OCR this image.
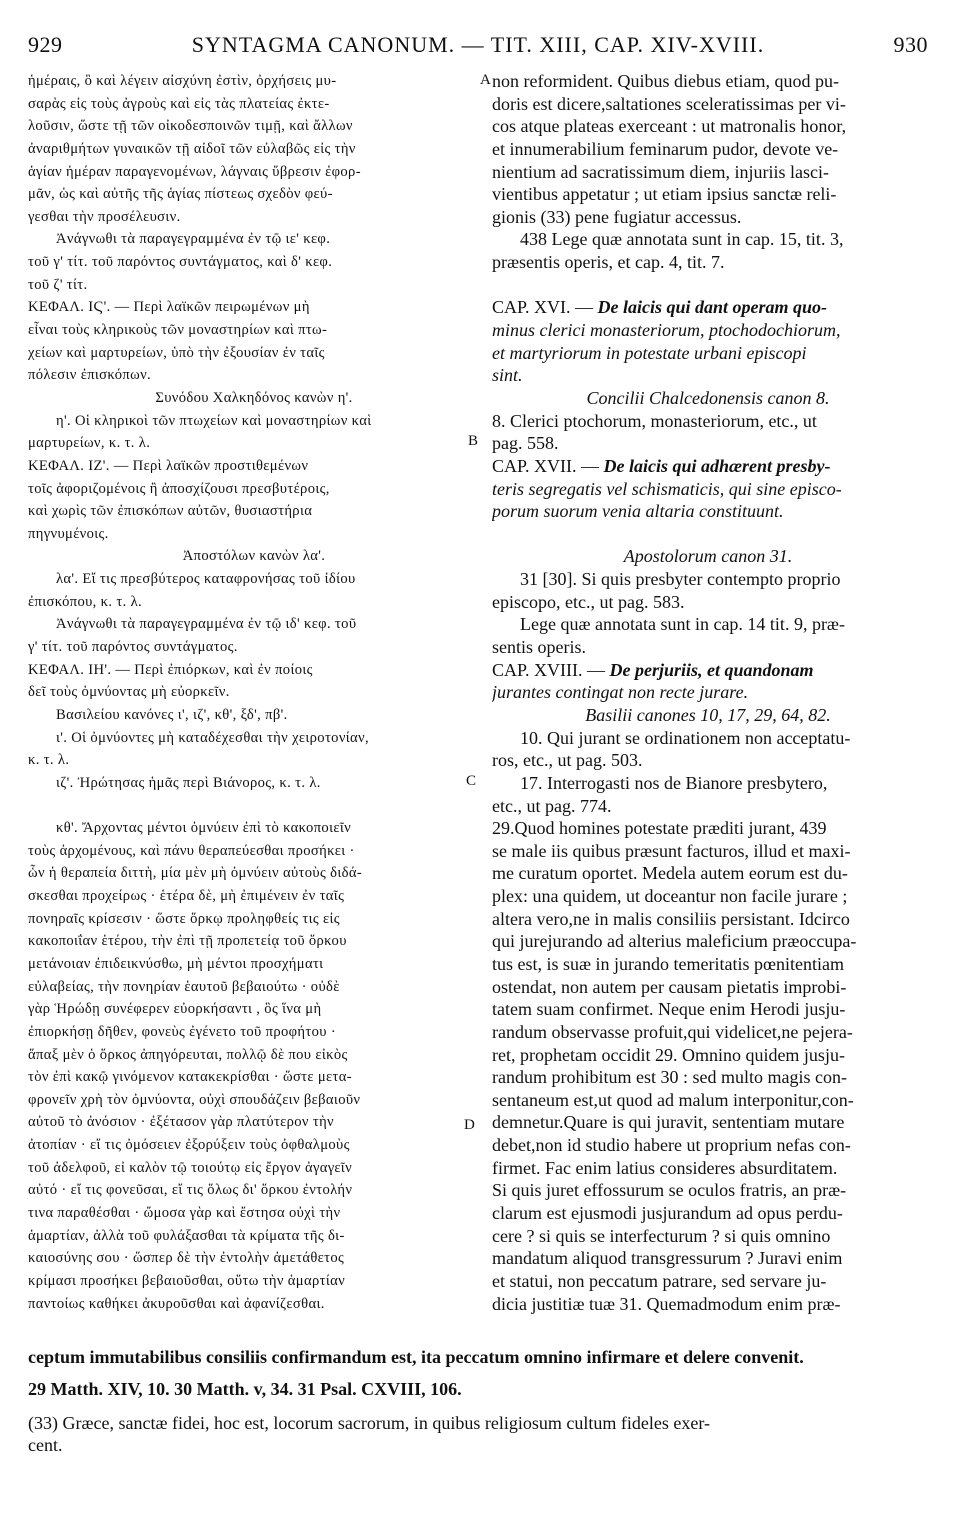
929	SYNTAGMA CANONUM. — TIT. XIII, CAP. XIV-XVIII.	930
ἡμέραις, ὃ καὶ λέγειν αἰσχύνη ἐστὶν, ὀρχήσεις μυ-
σαρὰς εἰς τοὺς ἀγροὺς καὶ εἰς τὰς πλατείας ἐκτε-
λοῦσιν, ὥστε τῇ τῶν οἰκοδεσποινῶν τιμῇ, καὶ ἄλλων
ἀναριθμήτων γυναικῶν τῇ αἰδοῖ τῶν εὐλαβῶς εἰς τὴν
ἁγίαν ἡμέραν παραγενομένων, λάγναις ὕβρεσιν ἐφορ-
μᾶν, ὡς καὶ αὐτῆς τῆς ἁγίας πίστεως σχεδὸν φεύ-
γεσθαι τὴν προσέλευσιν.
Ἀνάγνωθι τὰ παραγεγραμμένα ἐν τῷ ιε' κεφ.
τοῦ γ' τίτ. τοῦ παρόντος συντάγματος, καὶ δ' κεφ.
τοῦ ζ' τίτ.
ΚΕΦΑΛ. ΙϚ'. — Περὶ λαϊκῶν πειρωμένων μὴ
εἶναι τοὺς κληρικοὺς τῶν μοναστηρίων καὶ πτω-
χείων καὶ μαρτυρείων, ὑπὸ τὴν ἐξουσίαν ἐν ταῖς
πόλεσιν ἐπισκόπων.
Συνόδου Χαλκηδόνος κανὼν η'.
η'. Οἱ κληρικοὶ τῶν πτωχείων καὶ μοναστηρίων καὶ
μαρτυρείων, κ. τ. λ.
ΚΕΦΑΛ. ΙΖ'. — Περὶ λαϊκῶν προστιθεμένων
τοῖς ἀφοριζομένοις ἢ ἀποσχίζουσι πρεσβυτέροις,
καὶ χωρὶς τῶν ἐπισκόπων αὐτῶν, θυσιαστήρια
πηγνυμένοις.
Ἀποστόλων κανὼν λα'.
λα'. Εἴ τις πρεσβύτερος καταφρονήσας τοῦ ἰδίου
ἐπισκόπου, κ. τ. λ.
Ἀνάγνωθι τὰ παραγεγραμμένα ἐν τῷ ιδ' κεφ. τοῦ
γ' τίτ. τοῦ παρόντος συντάγματος.
ΚΕΦΑΛ. ΙΗ'. — Περὶ ἐπιόρκων, καὶ ἐν ποίοις
δεῖ τοὺς ὀμνύοντας μὴ εὐορκεῖν.
Βασιλείου κανόνες ι', ιζ', κθ', ξδ', πβ'.
ι'. Οἱ ὀμνύοντες μὴ καταδέχεσθαι τὴν χειροτονίαν,
κ. τ. λ.
ιζ'. Ἠρώτησας ἡμᾶς περὶ Βιάνορος, κ. τ. λ.
κθ'. Ἄρχοντας μέντοι ὀμνύειν ἐπὶ τὸ κακοποιεῖν
τοὺς ἀρχομένους, καὶ πάνυ θεραπεύεσθαι προσήκει ·
ὧν ἡ θεραπεία διττὴ, μία μὲν μὴ ὀμνύειν αὐτοὺς διδά-
σκεσθαι προχείρως · ἑτέρα δὲ, μὴ ἐπιμένειν ἐν ταῖς
πονηραῖς κρίσεσιν · ὥστε ὅρκῳ προληφθείς τις εἰς
κακοποιΐαν ἑτέρου, τὴν ἐπὶ τῇ προπετείᾳ τοῦ ὅρκου
μετάνοιαν ἐπιδεικνύσθω, μὴ μέντοι προσχήματι
εὐλαβείας, τὴν πονηρίαν ἑαυτοῦ βεβαιούτω · οὐδὲ
γὰρ Ἡρώδῃ συνέφερεν εὐορκήσαντι , ὃς ἵνα μὴ
ἐπιορκήσῃ δῆθεν, φονεὺς ἐγένετο τοῦ προφήτου ·
ἅπαξ μὲν ὁ ὅρκος ἀπηγόρευται, πολλῷ δὲ που εἰκὸς
τὸν ἐπὶ κακῷ γινόμενον κατακεκρίσθαι · ὥστε μετα-
φρονεῖν χρὴ τὸν ὀμνύοντα, οὐχὶ σπουδάζειν βεβαιοῦν
αὐτοῦ τὸ ἀνόσιον · ἐξέτασον γὰρ πλατύτερον τὴν
ἀτοπίαν · εἴ τις ὀμόσειεν ἐξορύξειν τοὺς ὀφθαλμοὺς
τοῦ ἀδελφοῦ, εἰ καλὸν τῷ τοιούτῳ εἰς ἔργον ἀγαγεῖν
αὐτό · εἴ τις φονεῦσαι, εἴ τις ὅλως δι' ὅρκου ἐντολήν
τινα παραθέσθαι · ὤμοσα γὰρ καὶ ἔστησα οὐχὶ τὴν
ἁμαρτίαν, ἀλλὰ τοῦ φυλάξασθαι τὰ κρίματα τῆς δι-
καιοσύνης σου · ὥσπερ δὲ τὴν ἐντολὴν ἀμετάθετος
κρίμασι προσήκει βεβαιοῦσθαι, οὕτω τὴν ἁμαρτίαν
παντοίως καθήκει ἀκυροῦσθαι καὶ ἀφανίζεσθαι.
non reformident. Quibus diebus etiam, quod pu-
doris est dicere,saltationes sceleratissimas per vi-
cos atque plateas exerceant : ut matronalis honor,
et innumerabilium feminarum pudor, devote ve-
nientium ad sacratissimum diem, injuriis lasci-
vientibus appetatur ; ut etiam ipsius sanctæ reli-
gionis (33) pene fugiatur accessus.
438 Lege quæ annotata sunt in cap. 15, tit. 3,
præsentis operis, et cap. 4, tit. 7.
CAP. XVI. — De laicis qui dant operam quo-
minus clerici monasteriorum, ptochodochiorum,
et martyriorum in potestate urbani episcopi
sint.
Concilii Chalcedonensis canon 8.
8. Clerici ptochorum, monasteriorum, etc., ut
pag. 558.
CAP. XVII. — De laicis qui adhærent presby-
teris segregatis vel schismaticis, qui sine episco-
porum suorum venia altaria constituunt.
Apostolorum canon 31.
31 [30]. Si quis presbyter contempto proprio
episcopo, etc., ut pag. 583.
Lege quæ annotata sunt in cap. 14 tit. 9, præ-
sentis operis.
CAP. XVIII. — De perjuriis, et quandonam
jurantes contingat non recte jurare.
Basilii canones 10, 17, 29, 64, 82.
10. Qui jurant se ordinationem non acceptatu-
ros, etc., ut pag. 503.
17. Interrogasti nos de Bianore presbytero,
etc., ut pag. 774.
29.Quod homines potestate præditi jurant, 439
se male iis quibus præsunt facturos, illud et maxi-
me curatum oportet. Medela autem eorum est du-
plex: una quidem, ut doceantur non facile jurare ;
altera vero,ne in malis consiliis persistant. Idcirco
qui jurejurando ad alterius maleficium præoccupa-
tus est, is suæ in jurando temeritatis pœnitentiam
ostendat, non autem per causam pietatis improbi-
tatem suam confirmet. Neque enim Herodi jusju-
randum observasse profuit,qui videlicet,ne pejera-
ret, prophetam occidit 29. Omnino quidem jusju-
randum prohibitum est 30 : sed multo magis con-
sentaneum est,ut quod ad malum interponitur,con-
demnetur.Quare is qui juravit, sententiam mutare
debet,non id studio habere ut proprium nefas con-
firmet. Fac enim latius consideres absurditatem.
Si quis juret effossurum se oculos fratris, an præ-
clarum est ejusmodi jusjurandum ad opus perdu-
cere ? si quis se interfecturum ? si quis omnino
mandatum aliquod transgressurum ? Juravi enim
et statui, non peccatum patrare, sed servare ju-
dicia justitiæ tuæ 31. Quemadmodum enim præ-
A
B
C
D
ceptum immutabilibus consiliis confirmandum est, ita peccatum omnino infirmare et delere convenit.
29 Matth. XIV, 10. 30 Matth. v, 34. 31 Psal. CXVIII, 106.
(33) Græce, sanctæ fidei, hoc est, locorum sacrorum, in quibus religiosum cultum fideles exer-
cent.
